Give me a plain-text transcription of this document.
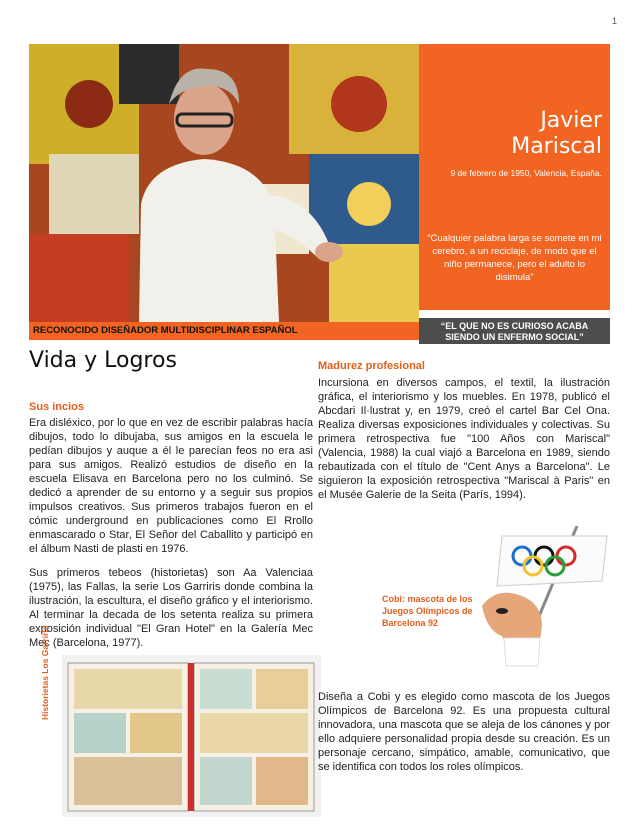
1
Javier
Mariscal
9 de febrero de 1950, Valencia, España.
“Cualquier palabra larga se somete en mi cerebro, a un reciclaje, de modo que el niño permanece, pero el adulto lo disimula”
RECONOCIDO DISEÑADOR MULTIDISCIPLINAR ESPAÑOL	“EL QUE NO ES CURIOSO ACABA
SIENDO UN ENFERMO SOCIAL”
Vida y Logros
Sus incios
Era disléxico, por lo que en vez de escribir palabras hacía dibujos, todo lo dibujaba, sus amigos en la escuela le pedían dibujos y auque a él le parecían feos no era asi para sus amigos. Realizó estudios de diseño en la escuela Elisava en Barcelona pero no los culminó. Se dedicó a aprender de su entorno y a seguir sus propios impulsos creativos. Sus primeros trabajos fueron en el cómic underground en publicaciones como El Rrollo enmascarado o Star, El Señor del Caballito y participó en el álbum Nasti de plasti en 1976.
Sus primeros tebeos (historietas) son Aa Valenciaa (1975), las Fallas, la serie Los Garriris donde combina la ilustración, la escultura, el diseño gráfico y el interiorismo. Al terminar la decada de los setenta realiza su primera exposición individual "El Gran Hotel" en la Galería Mec Mec (Barcelona, 1977).
Historietas Los Garriris
Madurez profesional
Incursiona en diversos campos, el textil, la ilustración gráfica, el interiorismo y los muebles. En 1978, publicó el Abcdari Il·lustrat y, en 1979, creó el cartel Bar Cel Ona. Realiza diversas exposiciones individuales y colectivas. Su primera retrospectiva fue "100 Años con Mariscal" (Valencia, 1988) la cual viajó a Barcelona en 1989, siendo rebautizada con el título de "Cent Anys a Barcelona". Le siguieron la exposición retrospectiva "Mariscal à Paris" en el Musée Galerie de la Seita (París, 1994).
Cobi: mascota de los Juegos Olímpicos de Barcelona 92
Diseña a Cobi y es elegido como mascota de los Juegos Olímpicos de Barcelona 92. Es una propuesta cultural innovadora, una mascota que se aleja de los cánones y por ello adquiere personalidad propia desde su creación. Es un personaje cercano, simpático, amable, comunicativo, que se identifica con todos los roles olímpicos.
